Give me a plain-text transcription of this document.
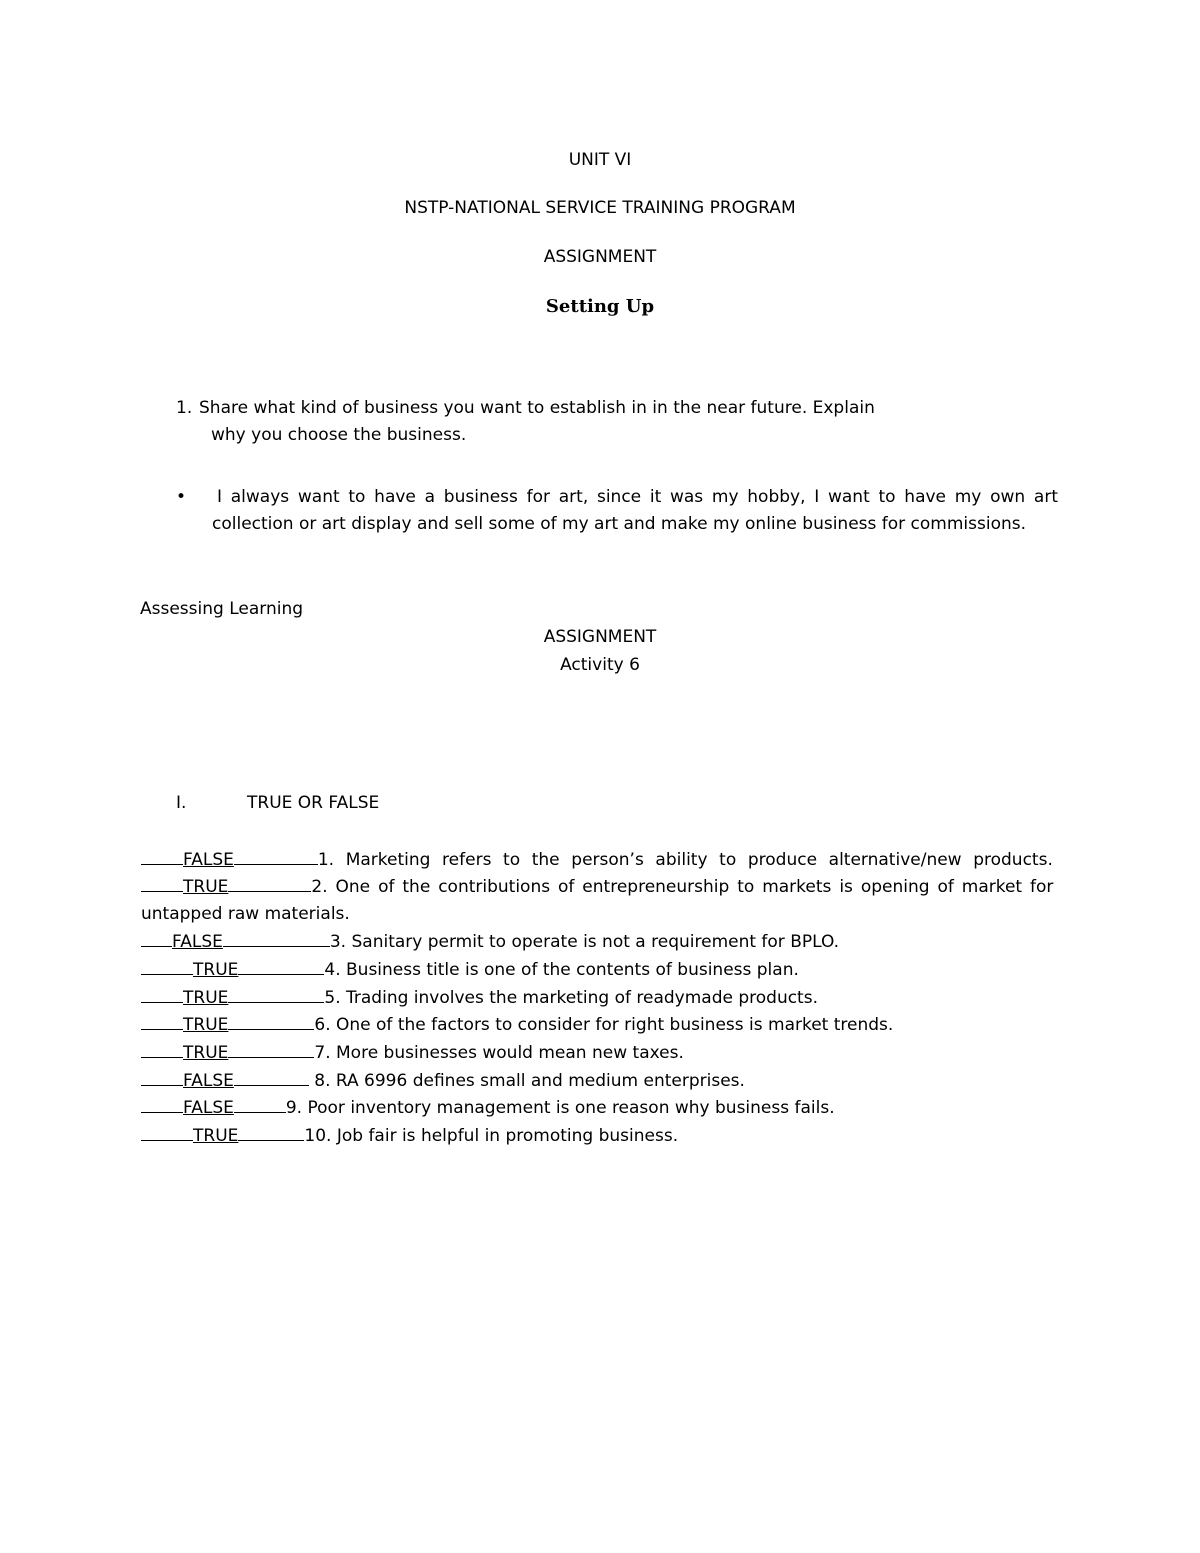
UNIT VI
NSTP-NATIONAL SERVICE TRAINING PROGRAM
ASSIGNMENT
Setting Up
1. Share what kind of business you want to establish in in the near future. Explain
why you choose the business.
• I always want to have a business for art, since it was my hobby, I want to have my own art
collection or art display and sell some of my art and make my online business for commissions.
Assessing Learning
ASSIGNMENT
Activity 6
I.	TRUE OR FALSE
FALSE	1. Marketing refers to the person’s ability to produce alternative/new products.
TRUE	2. One of the contributions of entrepreneurship to markets is opening of market for
untapped raw materials.
FALSE	3. Sanitary permit to operate is not a requirement for BPLO.
TRUE	4. Business title is one of the contents of business plan.
TRUE	5. Trading involves the marketing of readymade products.
TRUE	6. One of the factors to consider for right business is market trends.
TRUE	7. More businesses would mean new taxes.
FALSE	8. RA 6996 defines small and medium enterprises.
FALSE	9. Poor inventory management is one reason why business fails.
TRUE	10. Job fair is helpful in promoting business.
